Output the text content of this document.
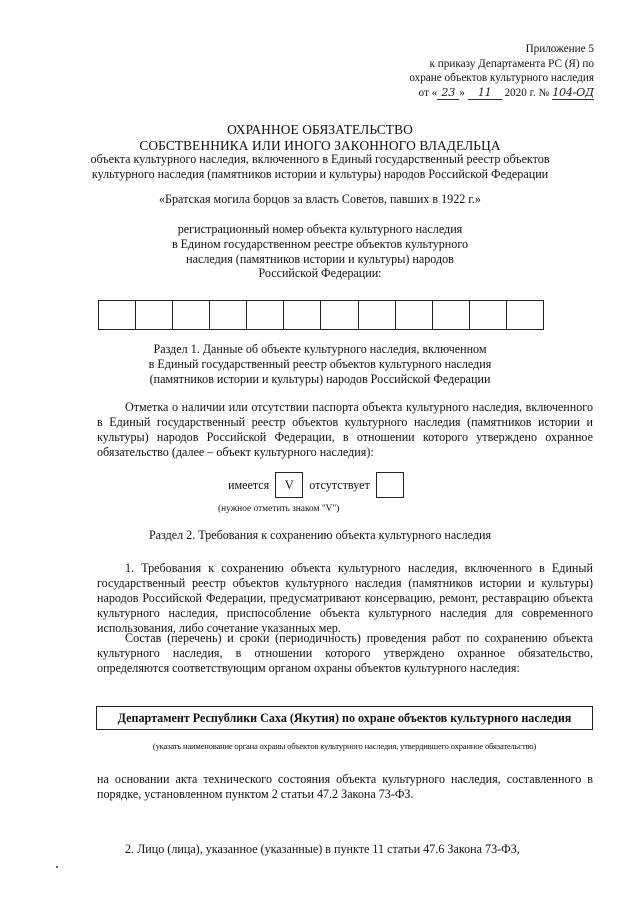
Приложение 5
к приказу Департамента РС (Я) по
охране объектов культурного наследия
от « 23 » 11 2020 г. № 104-ОД
ОХРАННОЕ ОБЯЗАТЕЛЬСТВО
СОБСТВЕННИКА ИЛИ ИНОГО ЗАКОННОГО ВЛАДЕЛЬЦА
объекта культурного наследия, включенного в Единый государственный реестр объектов
культурного наследия (памятников истории и культуры) народов Российской Федерации
«Братская могила борцов за власть Советов, павших в 1922 г.»
регистрационный номер объекта культурного наследия
в Едином государственном реестре объектов культурного
наследия (памятников истории и культуры) народов
Российской Федерации:
Раздел 1. Данные об объекте культурного наследия, включенном
в Единый государственный реестр объектов культурного наследия
(памятников истории и культуры) народов Российской Федерации
Отметка о наличии или отсутствии паспорта объекта культурного наследия, включенного в Единый государственный реестр объектов культурного наследия (памятников истории и культуры) народов Российской Федерации, в отношении которого утверждено охранное обязательство (далее – объект культурного наследия):
имеется	V	отсутствует
(нужное отметить знаком "V")
Раздел 2. Требования к сохранению объекта культурного наследия
1. Требования к сохранению объекта культурного наследия, включенного в Единый государственный реестр объектов культурного наследия (памятников истории и культуры) народов Российской Федерации, предусматривают консервацию, ремонт, реставрацию объекта культурного наследия, приспособление объекта культурного наследия для современного использования, либо сочетание указанных мер.
Состав (перечень) и сроки (периодичность) проведения работ по сохранению объекта культурного наследия, в отношении которого утверждено охранное обязательство, определяются соответствующим органом охраны объектов культурного наследия:
Департамент Республики Саха (Якутия) по охране объектов культурного наследия
(указать наименование органа охраны объектов культурного наследия, утвердившего охранное обязательство)
на основании акта технического состояния объекта культурного наследия, составленного в порядке, установленном пунктом 2 статьи 47.2 Закона 73-ФЗ.
2. Лицо (лица), указанное (указанные) в пункте 11 статьи 47.6 Закона 73-ФЗ,
